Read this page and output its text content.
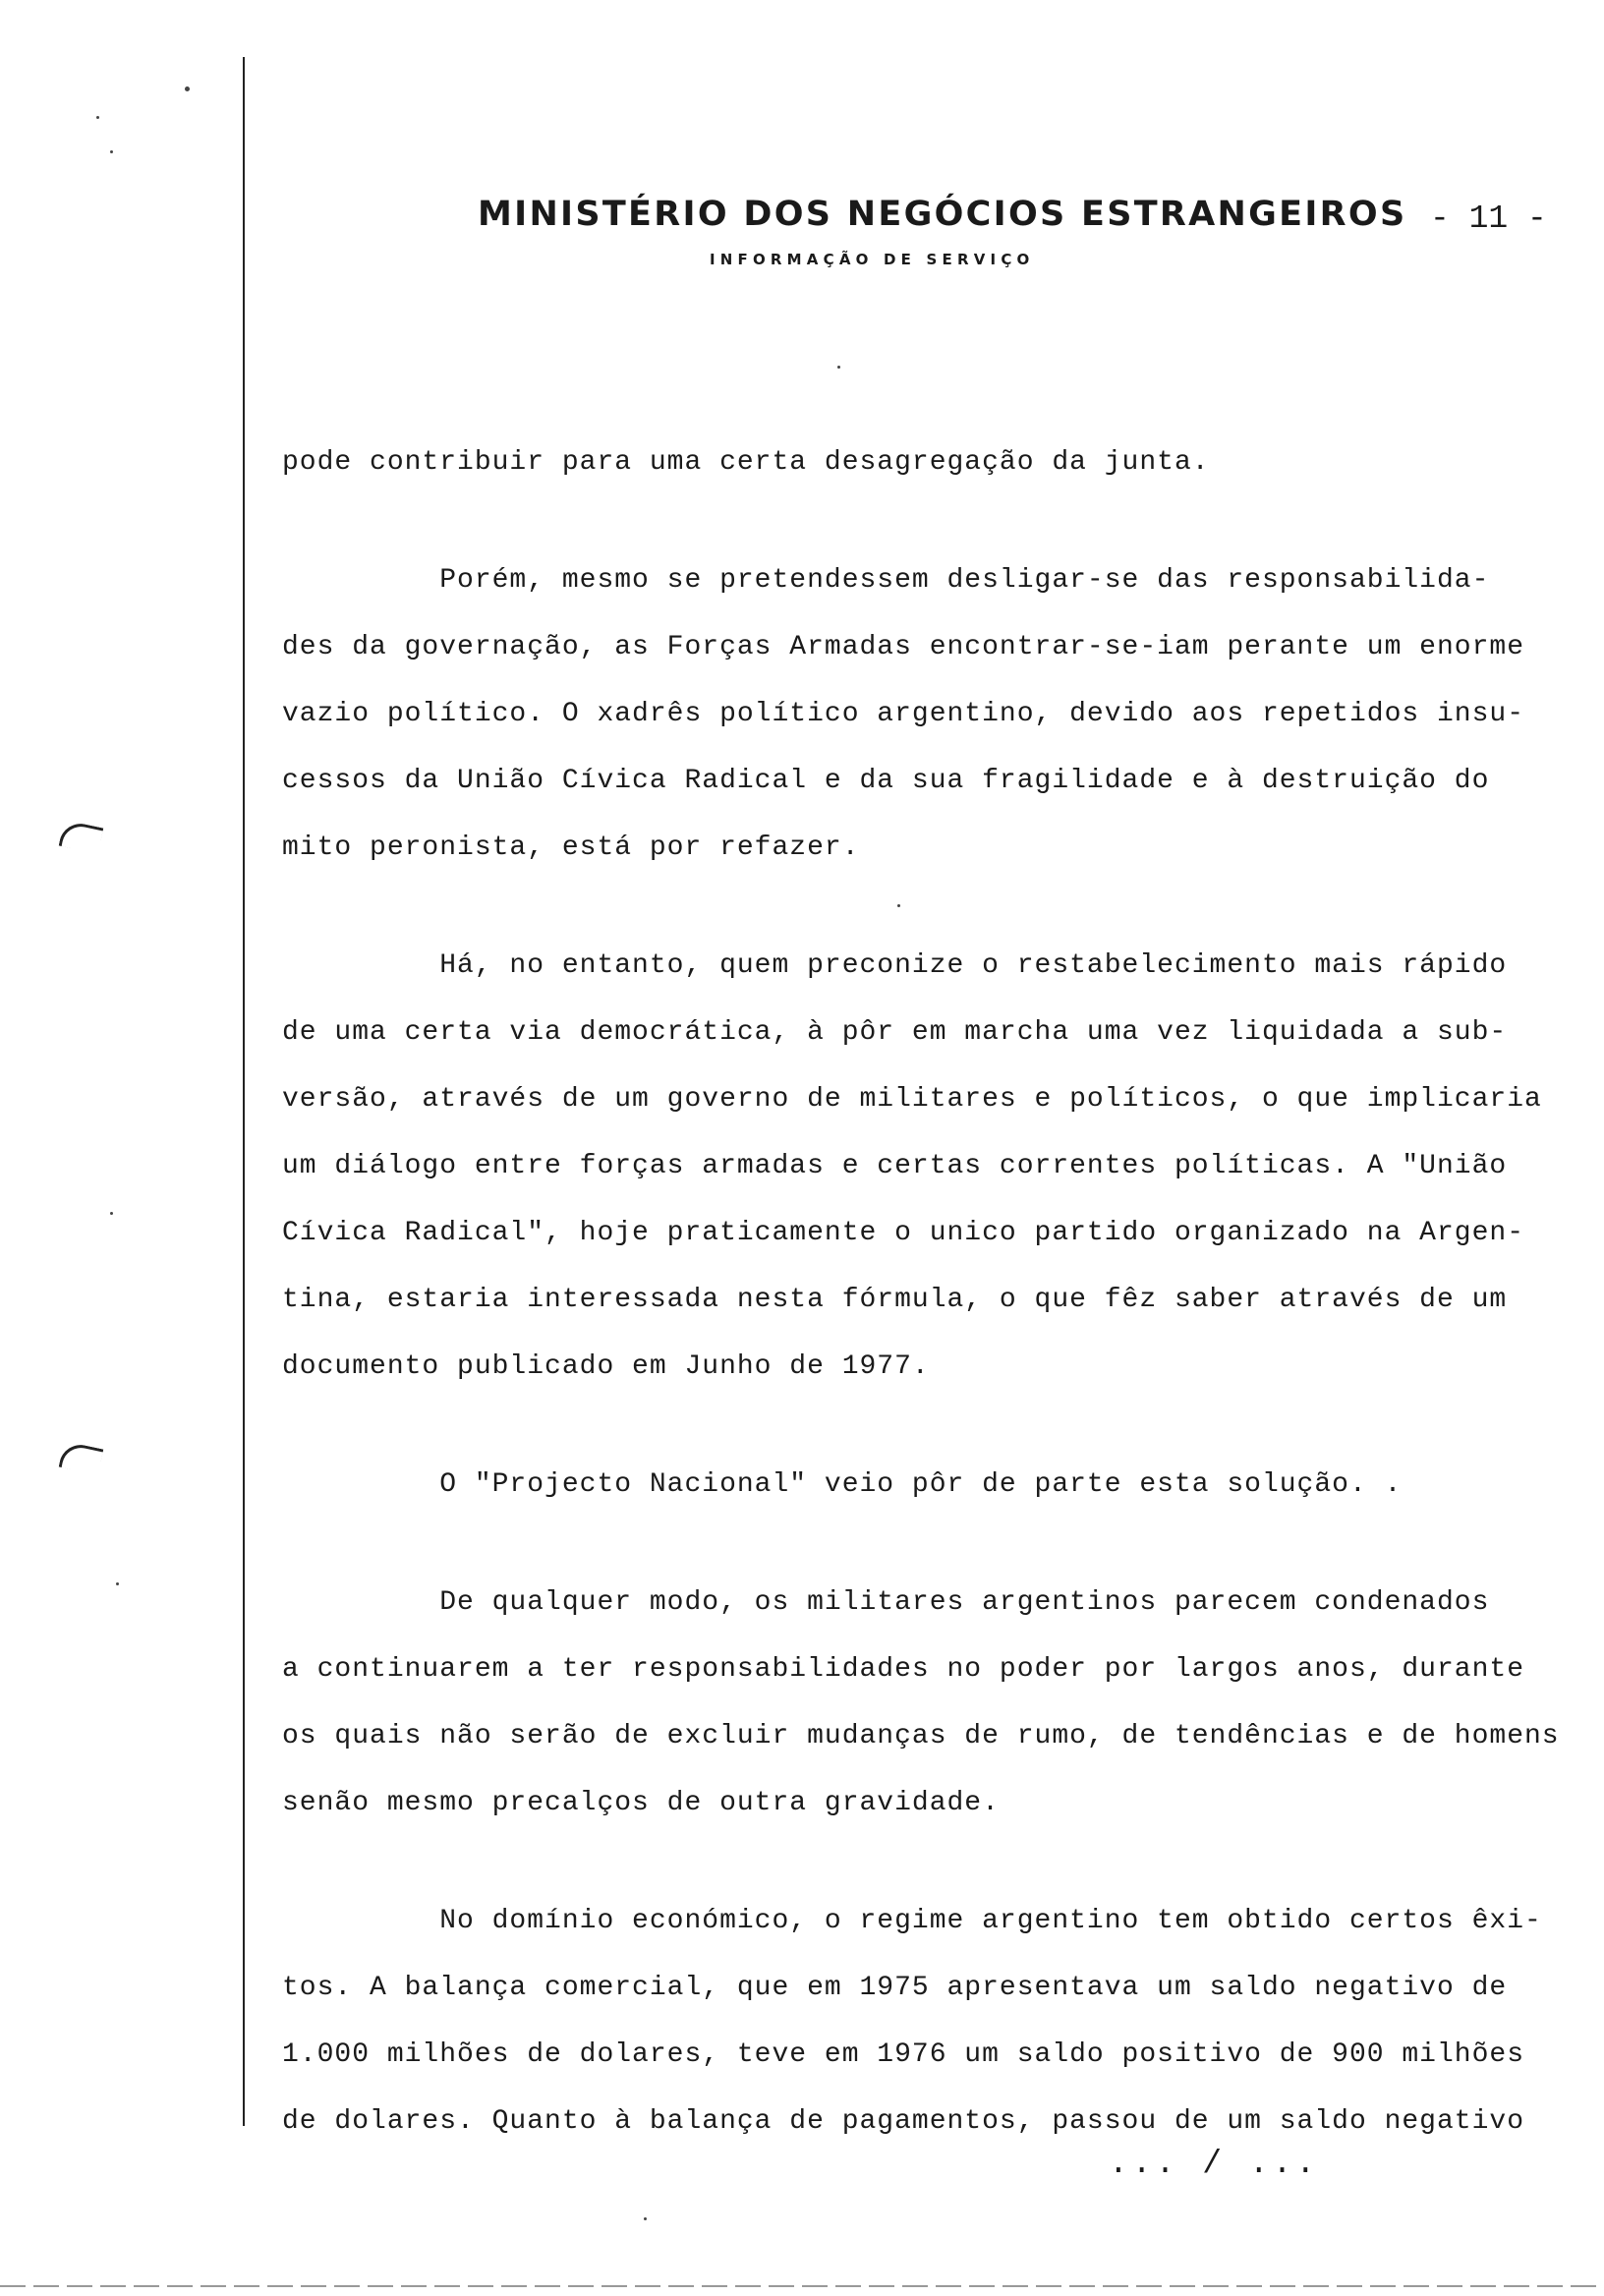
MINISTÉRIO DOS NEGÓCIOS ESTRANGEIROS - 11 -
INFORMAÇÃO DE SERVIÇO
pode contribuir para uma certa desagregação da junta.
Porém, mesmo se pretendessem desligar-se das responsabilida-
des da governação, as Forças Armadas encontrar-se-iam perante um enorme
vazio político. O xadrês político argentino, devido aos repetidos insu-
cessos da União Cívica Radical e da sua fragilidade e à destruição do
mito peronista, está por refazer.
Há, no entanto, quem preconize o restabelecimento mais rápido
de uma certa via democrática, à pôr em marcha uma vez liquidada a sub-
versão, através de um governo de militares e políticos, o que implicaria
um diálogo entre forças armadas e certas correntes políticas. A "União
Cívica Radical", hoje praticamente o unico partido organizado na Argen-
tina, estaria interessada nesta fórmula, o que fêz saber através de um
documento publicado em Junho de 1977.
O "Projecto Nacional" veio pôr de parte esta solução. .
De qualquer modo, os militares argentinos parecem condenados
a continuarem a ter responsabilidades no poder por largos anos, durante
os quais não serão de excluir mudanças de rumo, de tendências e de homens
senão mesmo precalços de outra gravidade.
No domínio económico, o regime argentino tem obtido certos êxi-
tos. A balança comercial, que em 1975 apresentava um saldo negativo de
1.000 milhões de dolares, teve em 1976 um saldo positivo de 900 milhões
de dolares. Quanto à balança de pagamentos, passou de um saldo negativo
... / ...
